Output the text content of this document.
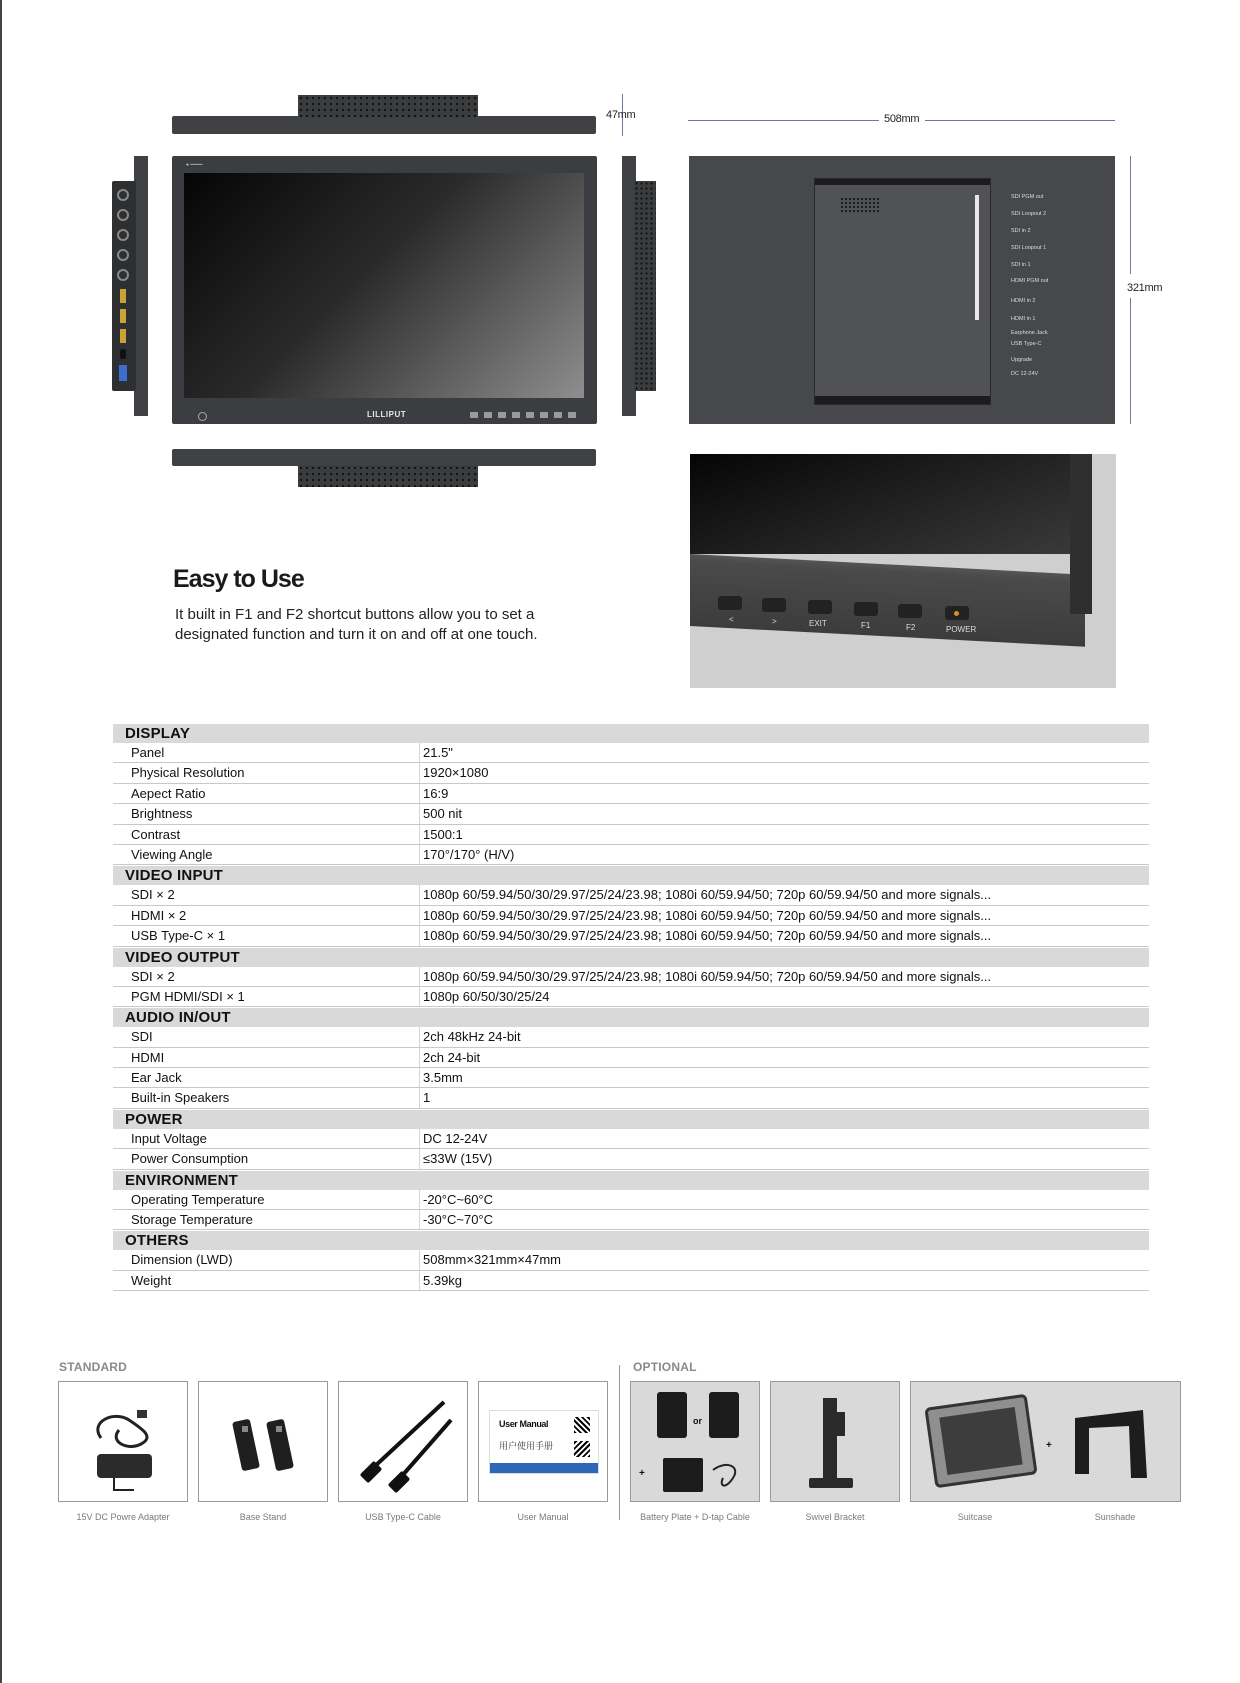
47mm
● ━━━━
LILLIPUT
508mm
321mm
SDI PGM out
SDI Loopout 2
SDI in 2
SDI Loopout 1
SDI in 1
HDMI PGM out
HDMI in 2
HDMI in 1
Earphone Jack
USB Type-C
Upgrade
DC 12-24V
<	>	EXIT	F1	F2	POWER
Easy to Use
It built in F1 and F2 shortcut buttons allow you to set a
designated function and turn it on and off at one touch.
DISPLAY
Panel	21.5"
Physical Resolution	1920×1080
Aepect Ratio	16:9
Brightness	500 nit
Contrast	1500:1
Viewing Angle	170°/170° (H/V)
VIDEO INPUT
SDI × 2	1080p 60/59.94/50/30/29.97/25/24/23.98; 1080i 60/59.94/50; 720p 60/59.94/50 and more signals...
HDMI × 2	1080p 60/59.94/50/30/29.97/25/24/23.98; 1080i 60/59.94/50; 720p 60/59.94/50 and more signals...
USB Type-C × 1	1080p 60/59.94/50/30/29.97/25/24/23.98; 1080i 60/59.94/50; 720p 60/59.94/50 and more signals...
VIDEO OUTPUT
SDI × 2	1080p 60/59.94/50/30/29.97/25/24/23.98; 1080i 60/59.94/50; 720p 60/59.94/50 and more signals...
PGM HDMI/SDI × 1	1080p 60/50/30/25/24
AUDIO IN/OUT
SDI	2ch 48kHz 24-bit
HDMI	2ch 24-bit
Ear Jack	3.5mm
Built-in Speakers	1
POWER
Input Voltage	DC 12-24V
Power Consumption	≤33W (15V)
ENVIRONMENT
Operating Temperature	-20°C~60°C
Storage Temperature	-30°C~70°C
OTHERS
Dimension (LWD)	508mm×321mm×47mm
Weight	5.39kg
STANDARD	OPTIONAL
User Manual
用户使用手册
or
+
+
15V DC Powre Adapter	Base Stand	USB Type-C Cable	User Manual	Battery Plate + D-tap Cable	Swivel Bracket	Suitcase	Sunshade
